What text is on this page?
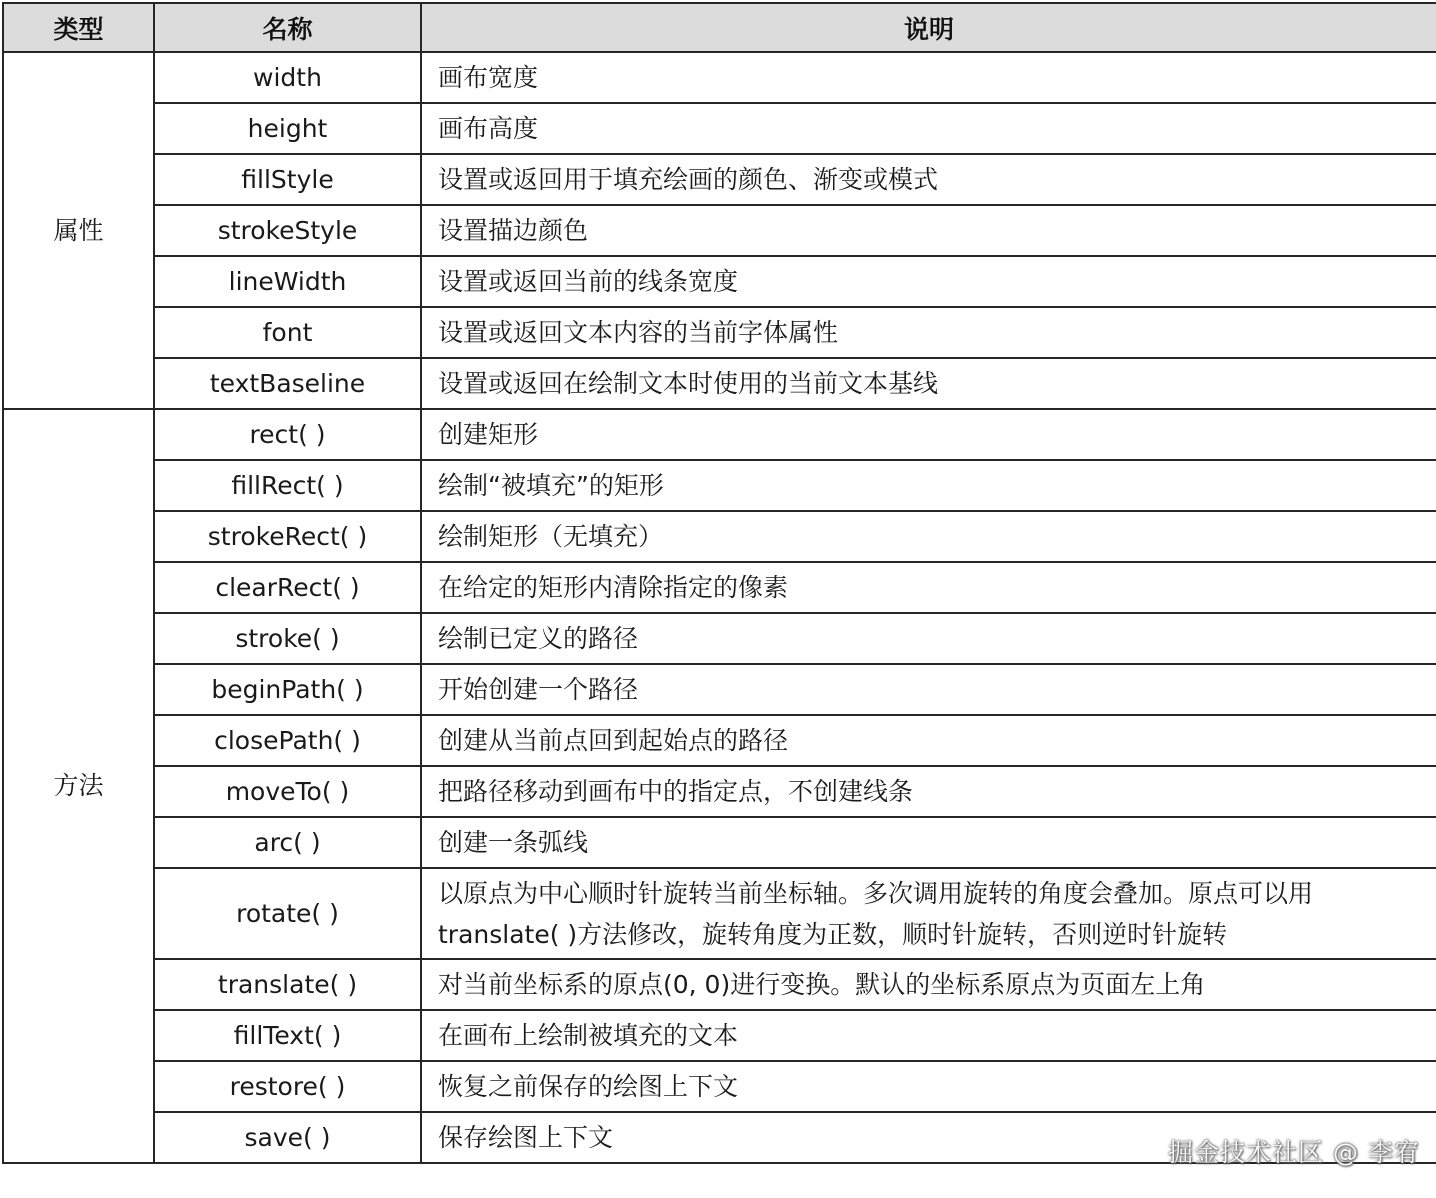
类型	名称	说明
属性	width	画布宽度
	height	画布高度
	fillStyle	设置或返回用于填充绘画的颜色、渐变或模式
	strokeStyle	设置描边颜色
	lineWidth	设置或返回当前的线条宽度
	font	设置或返回文本内容的当前字体属性
	textBaseline	设置或返回在绘制文本时使用的当前文本基线
方法	rect( )	创建矩形
	fillRect( )	绘制“被填充”的矩形
	strokeRect( )	绘制矩形（无填充）
	clearRect( )	在给定的矩形内清除指定的像素
	stroke( )	绘制已定义的路径
	beginPath( )	开始创建一个路径
	closePath( )	创建从当前点回到起始点的路径
	moveTo( )	把路径移动到画布中的指定点，不创建线条
	arc( )	创建一条弧线
	rotate( )	以原点为中心顺时针旋转当前坐标轴。多次调用旋转的角度会叠加。原点可以用translate( )方法修改，旋转角度为正数，顺时针旋转，否则逆时针旋转
	translate( )	对当前坐标系的原点(0, 0)进行变换。默认的坐标系原点为页面左上角
	fillText( )	在画布上绘制被填充的文本
	restore( )	恢复之前保存的绘图上下文
	save( )	保存绘图上下文
掘金技术社区 @ 李宥
